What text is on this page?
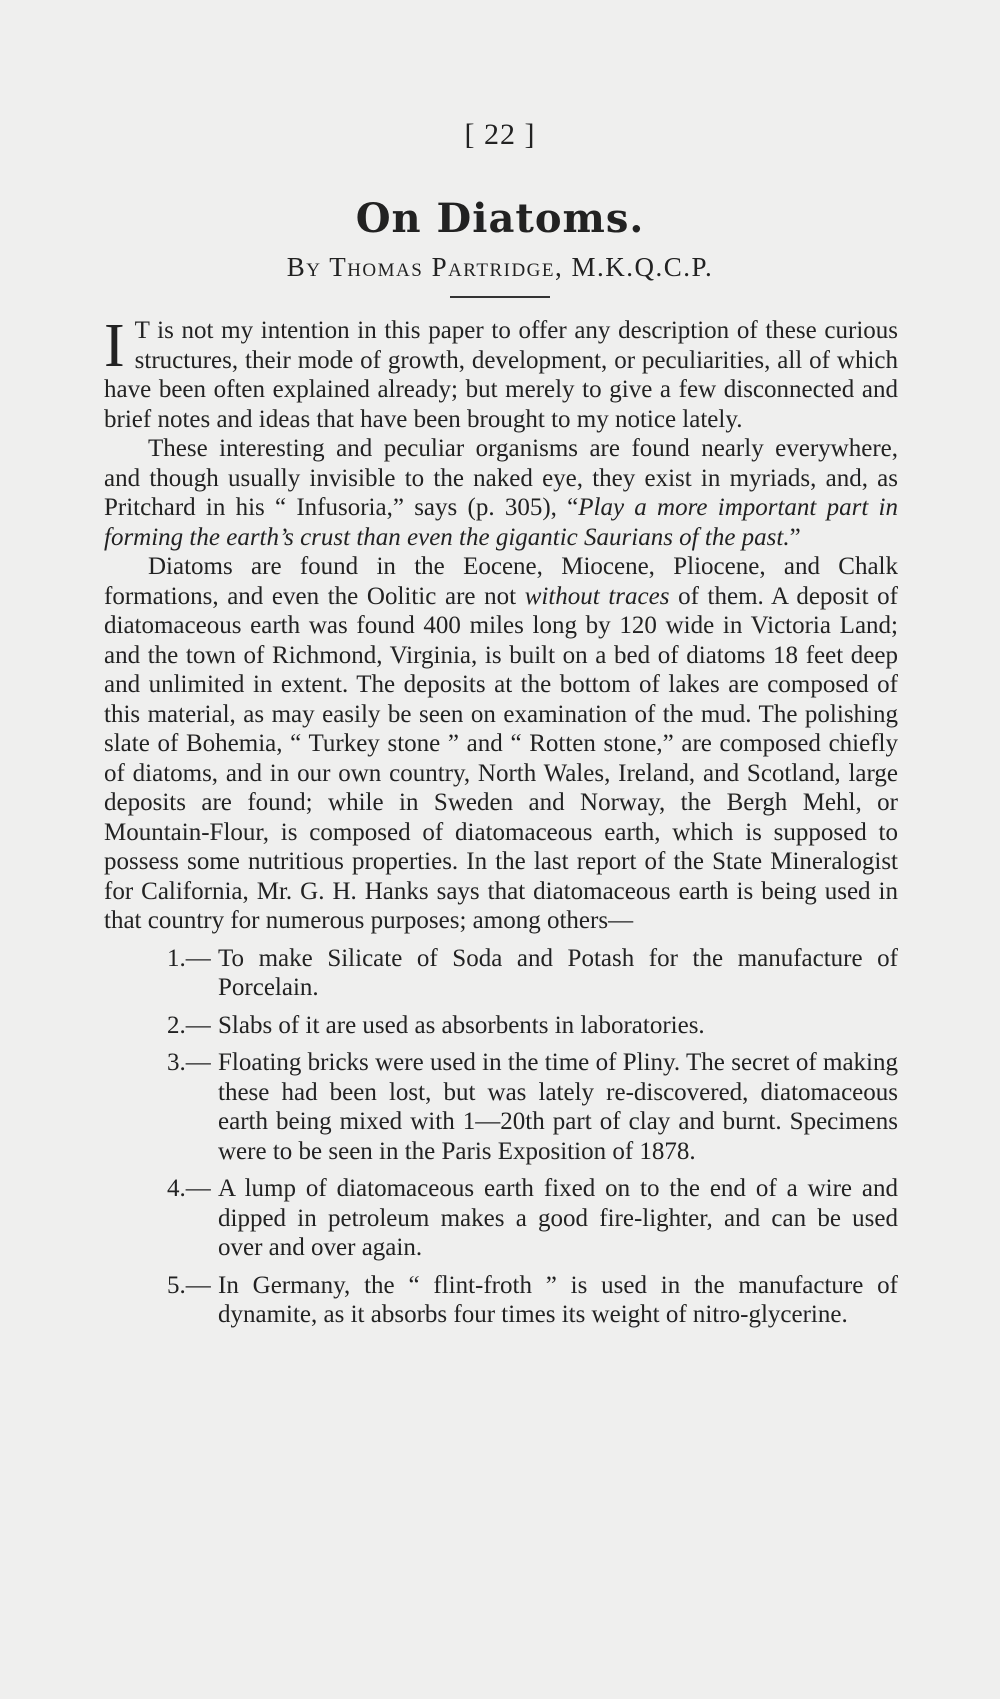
[ 22 ]
On Diatoms.
By Thomas Partridge, M.K.Q.C.P.

I T is not my intention in this paper to offer any description of these curious structures, their mode of growth, development, or peculiarities, all of which have been often explained already; but merely to give a few disconnected and brief notes and ideas that have been brought to my notice lately.

These interesting and peculiar organisms are found nearly everywhere, and though usually invisible to the naked eye, they exist in myriads, and, as Pritchard in his “ Infusoria,” says (p. 305), “Play a more important part in forming the earth’s crust than even the gigantic Saurians of the past.”

Diatoms are found in the Eocene, Miocene, Pliocene, and Chalk formations, and even the Oolitic are not without traces of them. A deposit of diatomaceous earth was found 400 miles long by 120 wide in Victoria Land; and the town of Richmond, Virginia, is built on a bed of diatoms 18 feet deep and unlimited in extent. The deposits at the bottom of lakes are composed of this material, as may easily be seen on examination of the mud. The polishing slate of Bohemia, “ Turkey stone ” and “ Rotten stone,” are composed chiefly of diatoms, and in our own country, North Wales, Ireland, and Scotland, large deposits are found; while in Sweden and Norway, the Bergh Mehl, or Mountain-Flour, is composed of diatomaceous earth, which is supposed to possess some nutritious properties. In the last report of the State Mineralogist for California, Mr. G. H. Hanks says that diatomaceous earth is being used in that country for numerous purposes; among others—

1.— To make Silicate of Soda and Potash for the manufacture of Porcelain.
2.— Slabs of it are used as absorbents in laboratories.
3.— Floating bricks were used in the time of Pliny. The secret of making these had been lost, but was lately re-discovered, diatomaceous earth being mixed with 1—20th part of clay and burnt. Specimens were to be seen in the Paris Exposition of 1878.
4.— A lump of diatomaceous earth fixed on to the end of a wire and dipped in petroleum makes a good fire-lighter, and can be used over and over again.
5.— In Germany, the “ flint-froth ” is used in the manufacture of dynamite, as it absorbs four times its weight of nitro-glycerine.
